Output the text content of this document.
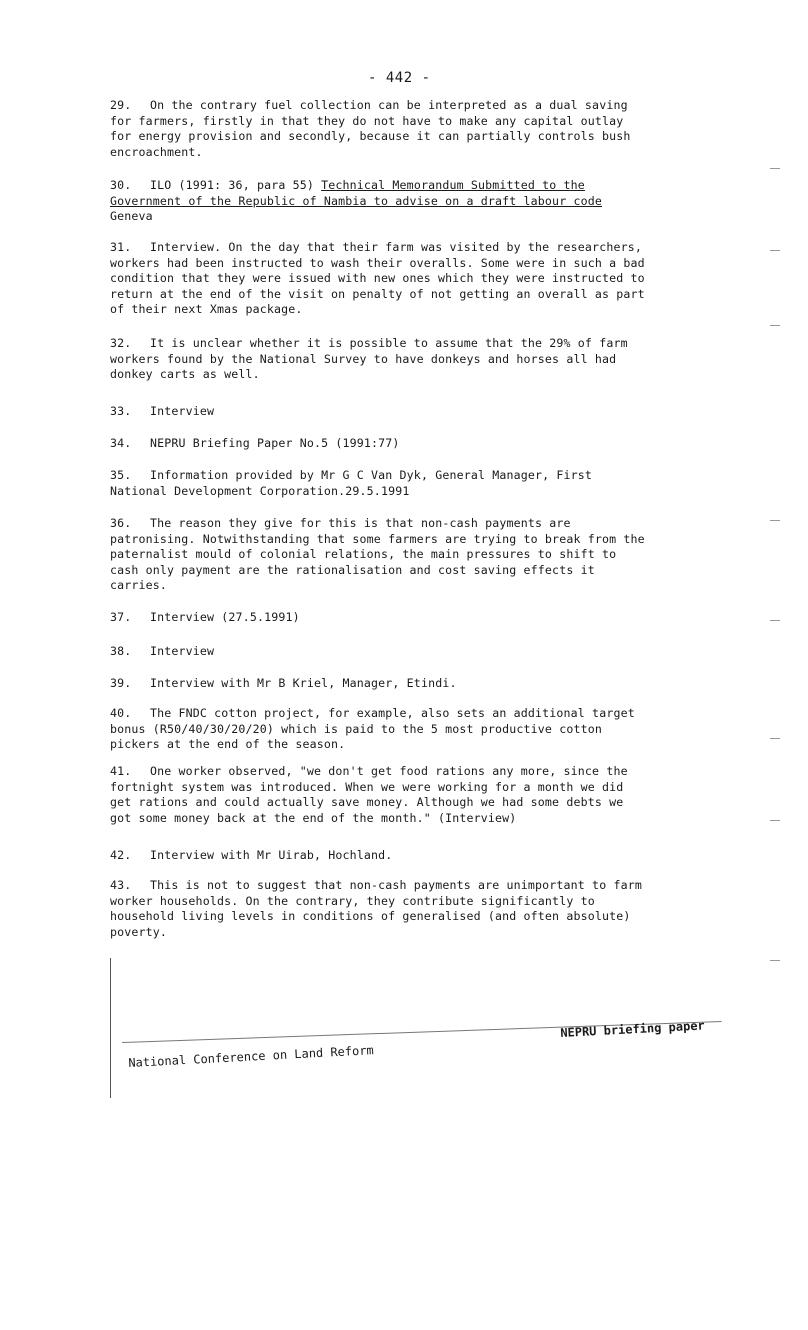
- 442 -
29. On the contrary fuel collection can be interpreted as a dual saving
for farmers, firstly in that they do not have to make any capital outlay
for energy provision and secondly, because it can partially controls bush
encroachment.
30. ILO (1991: 36, para 55) Technical Memorandum Submitted to the
Government of the Republic of Nambia to advise on a draft labour code
Geneva
31. Interview. On the day that their farm was visited by the researchers,
workers had been instructed to wash their overalls. Some were in such a bad
condition that they were issued with new ones which they were instructed to
return at the end of the visit on penalty of not getting an overall as part
of their next Xmas package.
32. It is unclear whether it is possible to assume that the 29% of farm
workers found by the National Survey to have donkeys and horses all had
donkey carts as well.
33. Interview
34. NEPRU Briefing Paper No.5 (1991:77)
35. Information provided by Mr G C Van Dyk, General Manager, First
National Development Corporation.29.5.1991
36. The reason they give for this is that non-cash payments are
patronising. Notwithstanding that some farmers are trying to break from the
paternalist mould of colonial relations, the main pressures to shift to
cash only payment are the rationalisation and cost saving effects it
carries.
37. Interview (27.5.1991)
38. Interview
39. Interview with Mr B Kriel, Manager, Etindi.
40. The FNDC cotton project, for example, also sets an additional target
bonus (R50/40/30/20/20) which is paid to the 5 most productive cotton
pickers at the end of the season.
41. One worker observed, "we don't get food rations any more, since the
fortnight system was introduced. When we were working for a month we did
get rations and could actually save money. Although we had some debts we
got some money back at the end of the month." (Interview)
42. Interview with Mr Uirab, Hochland.
43. This is not to suggest that non-cash payments are unimportant to farm
worker households. On the contrary, they contribute significantly to
household living levels in conditions of generalised (and often absolute)
poverty.
National Conference on Land Reform
NEPRU briefing paper
